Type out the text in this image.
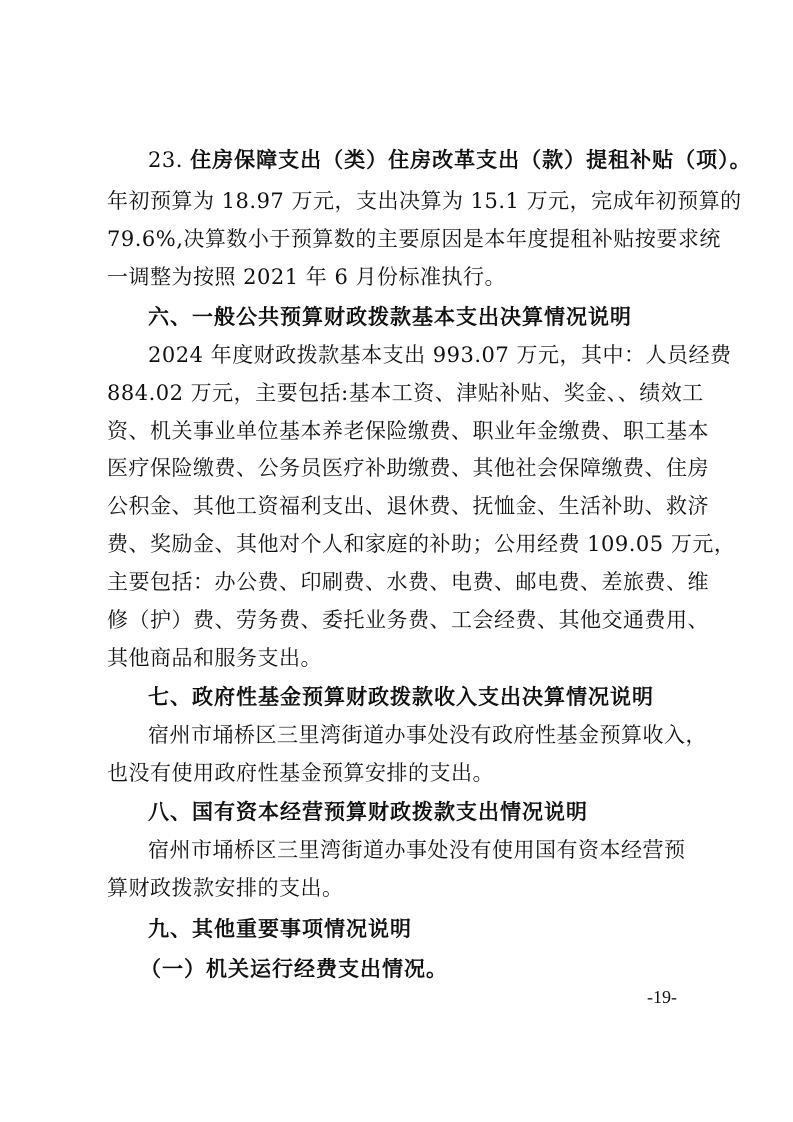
23. 住房保障支出（类）住房改革支出（款）提租补贴（项）。
年初预算为 18.97 万元，支出决算为 15.1 万元，完成年初预算的
79.6%,决算数小于预算数的主要原因是本年度提租补贴按要求统
一调整为按照 2021 年 6 月份标准执行。
六、一般公共预算财政拨款基本支出决算情况说明
2024 年度财政拨款基本支出 993.07 万元，其中：人员经费
884.02 万元，主要包括:基本工资、津贴补贴、奖金、、绩效工
资、机关事业单位基本养老保险缴费、职业年金缴费、职工基本
医疗保险缴费、公务员医疗补助缴费、其他社会保障缴费、住房
公积金、其他工资福利支出、退休费、抚恤金、生活补助、救济
费、奖励金、其他对个人和家庭的补助；公用经费 109.05 万元，
主要包括：办公费、印刷费、水费、电费、邮电费、差旅费、维
修（护）费、劳务费、委托业务费、工会经费、其他交通费用、
其他商品和服务支出。
七、政府性基金预算财政拨款收入支出决算情况说明
宿州市埇桥区三里湾街道办事处没有政府性基金预算收入，
也没有使用政府性基金预算安排的支出。
八、国有资本经营预算财政拨款支出情况说明
宿州市埇桥区三里湾街道办事处没有使用国有资本经营预
算财政拨款安排的支出。
九、其他重要事项情况说明
（一）机关运行经费支出情况。
-19-
